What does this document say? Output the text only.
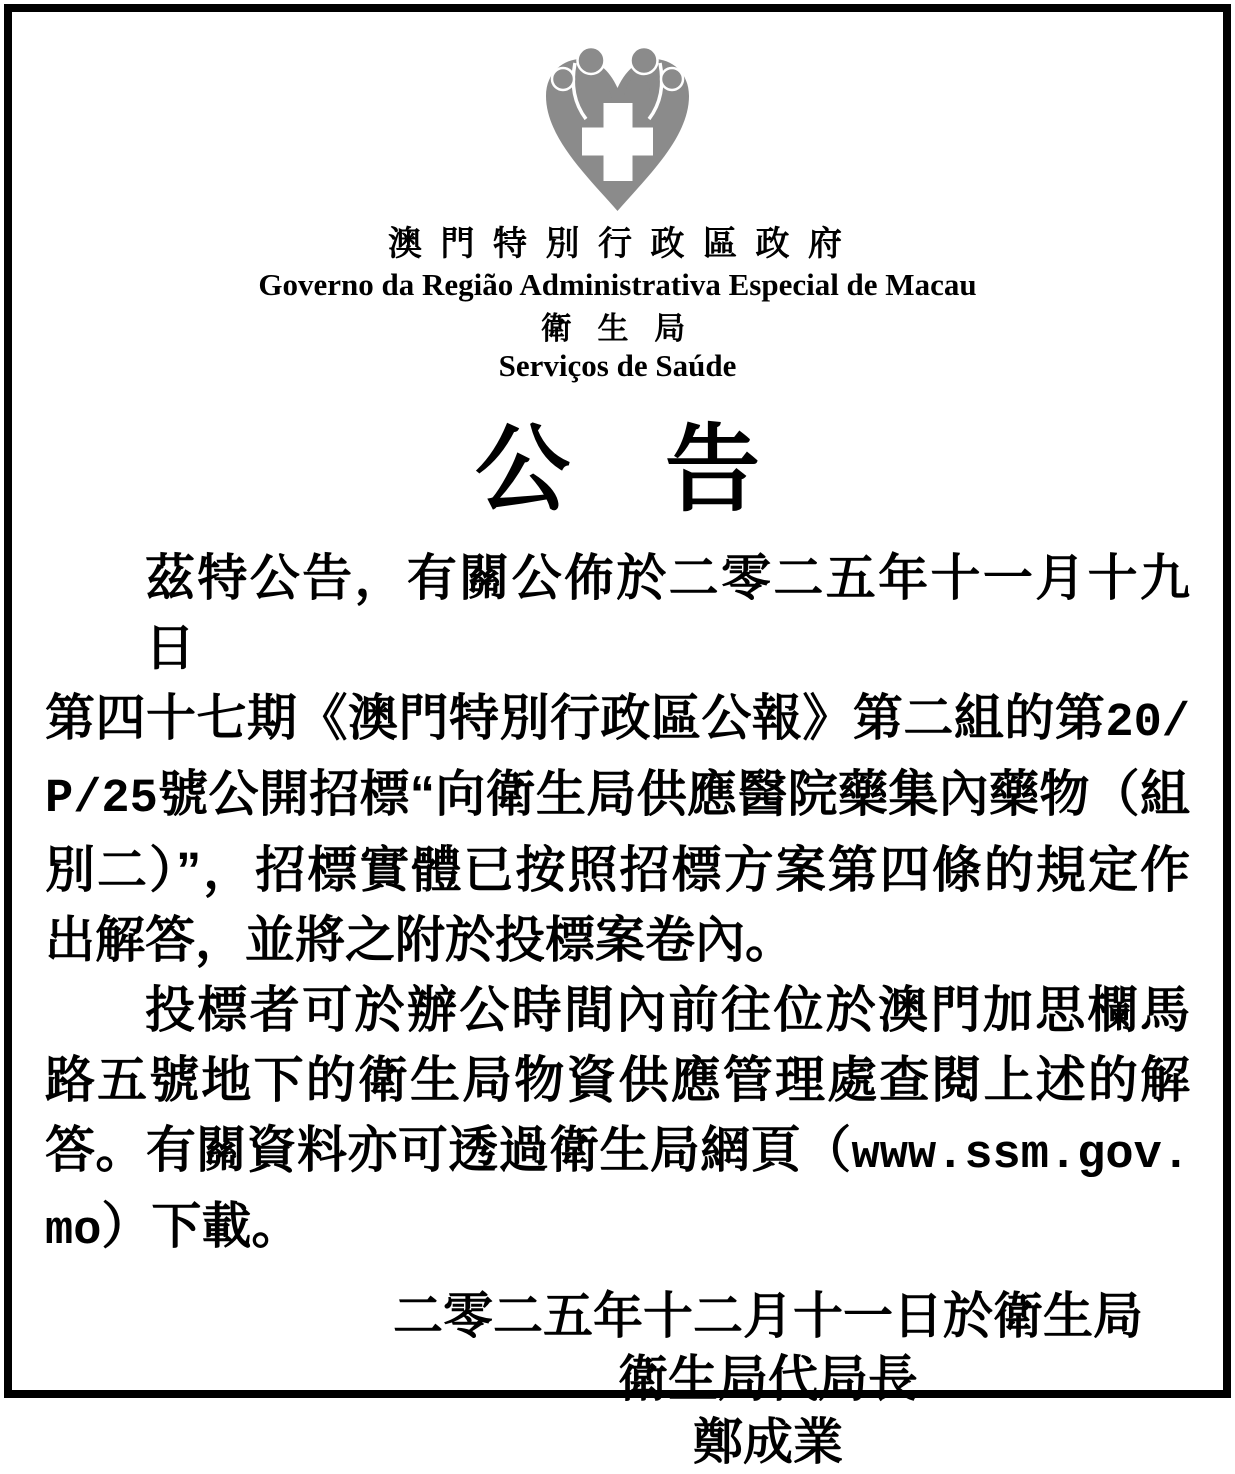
澳 門 特 別 行 政 區 政 府
Governo da Região Administrativa Especial de Macau
衛 生 局
Serviços de Saúde
公　告
茲特公告，有關公佈於二零二五年十一月十九日
第四十七期《澳門特別行政區公報》第二組的第20/
P/25號公開招標“向衛生局供應醫院藥集內藥物（組
別二）”，招標實體已按照招標方案第四條的規定作
出解答，並將之附於投標案卷內。
投標者可於辦公時間內前往位於澳門加思欄馬
路五號地下的衛生局物資供應管理處查閱上述的解
答。有關資料亦可透過衛生局網頁（www.ssm.gov.
mo）下載。
二零二五年十二月十一日於衛生局
衛生局代局長
鄭成業
